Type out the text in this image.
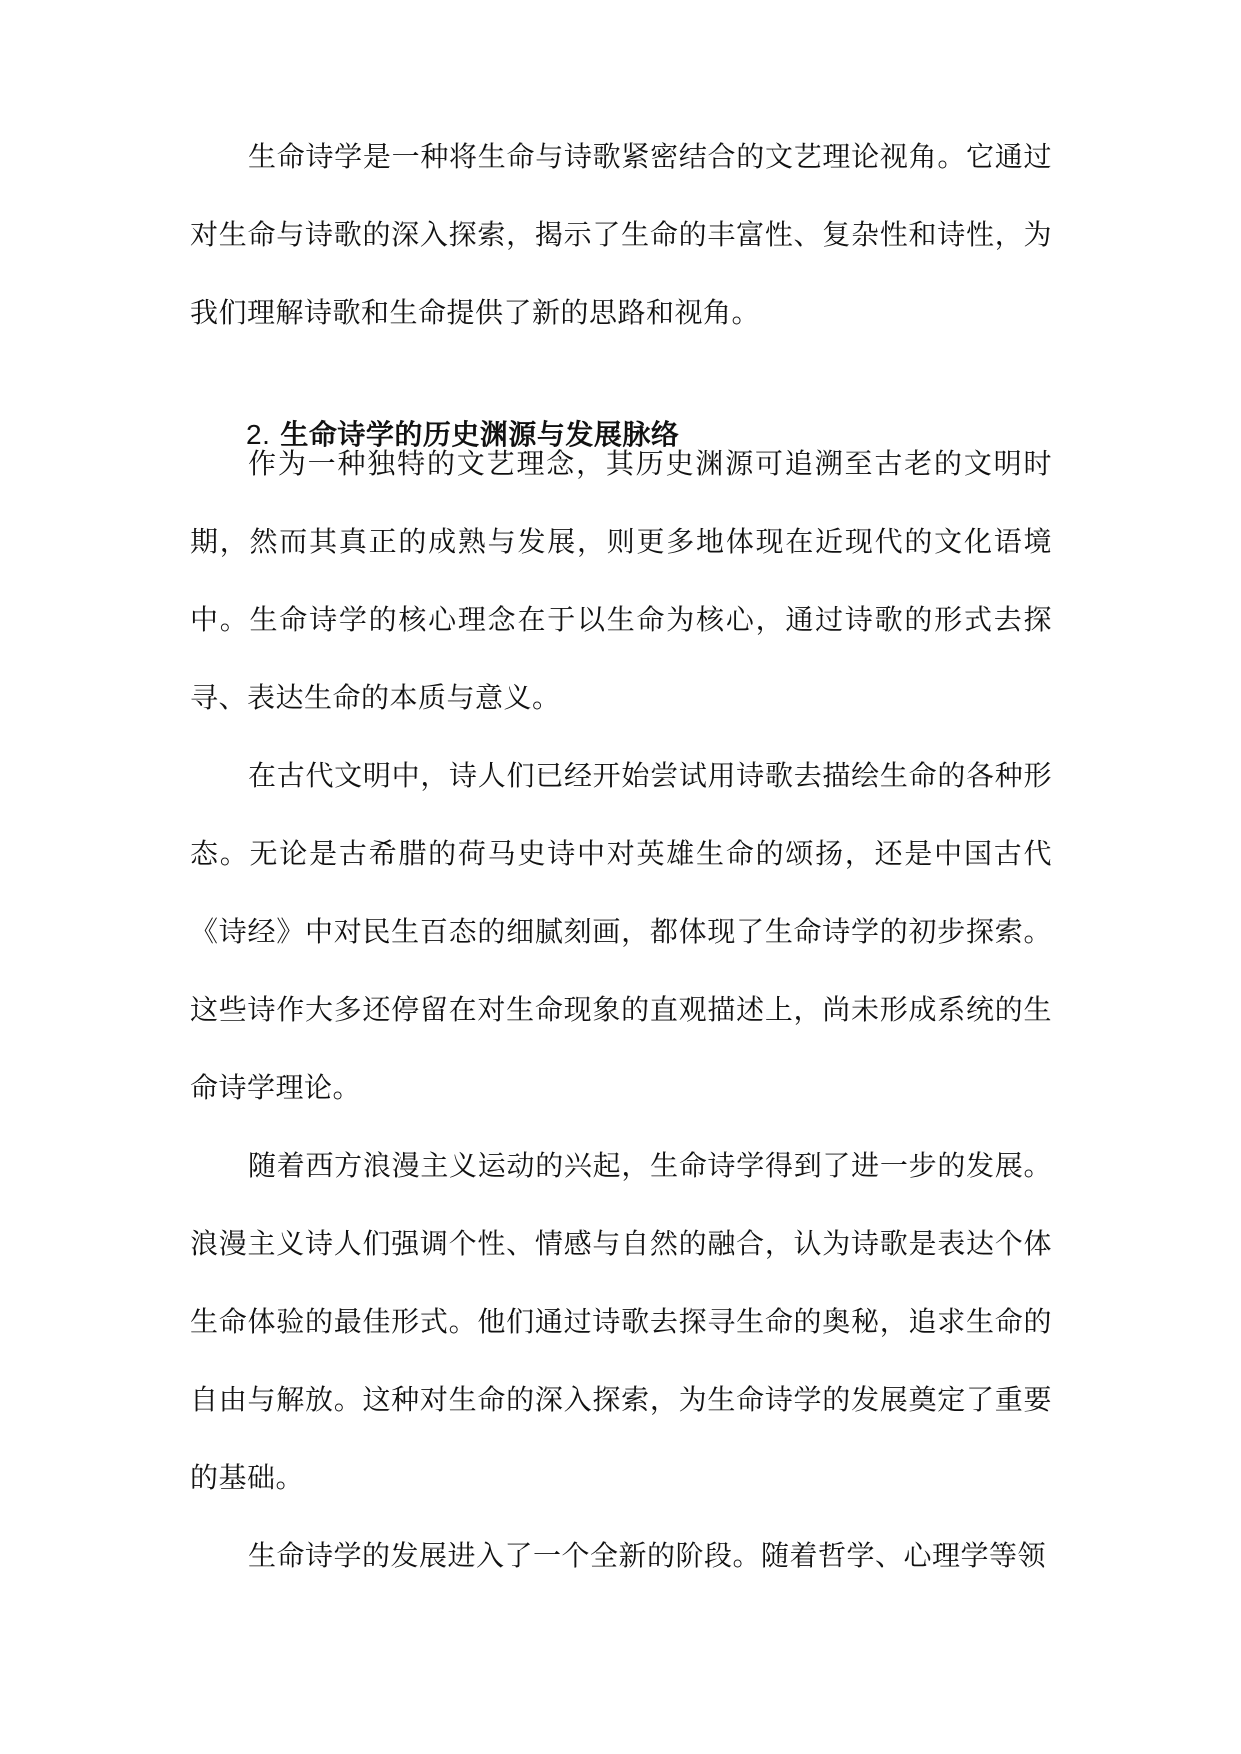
生命诗学是一种将生命与诗歌紧密结合的文艺理论视角。它通过对生命与诗歌的深入探索，揭示了生命的丰富性、复杂性和诗性，为我们理解诗歌和生命提供了新的思路和视角。

2. 生命诗学的历史渊源与发展脉络

作为一种独特的文艺理念，其历史渊源可追溯至古老的文明时期，然而其真正的成熟与发展，则更多地体现在近现代的文化语境中。生命诗学的核心理念在于以生命为核心，通过诗歌的形式去探寻、表达生命的本质与意义。

在古代文明中，诗人们已经开始尝试用诗歌去描绘生命的各种形态。无论是古希腊的荷马史诗中对英雄生命的颂扬，还是中国古代《诗经》中对民生百态的细腻刻画，都体现了生命诗学的初步探索。这些诗作大多还停留在对生命现象的直观描述上，尚未形成系统的生命诗学理论。

随着西方浪漫主义运动的兴起，生命诗学得到了进一步的发展。浪漫主义诗人们强调个性、情感与自然的融合，认为诗歌是表达个体生命体验的最佳形式。他们通过诗歌去探寻生命的奥秘，追求生命的自由与解放。这种对生命的深入探索，为生命诗学的发展奠定了重要的基础。

生命诗学的发展进入了一个全新的阶段。随着哲学、心理学等领
